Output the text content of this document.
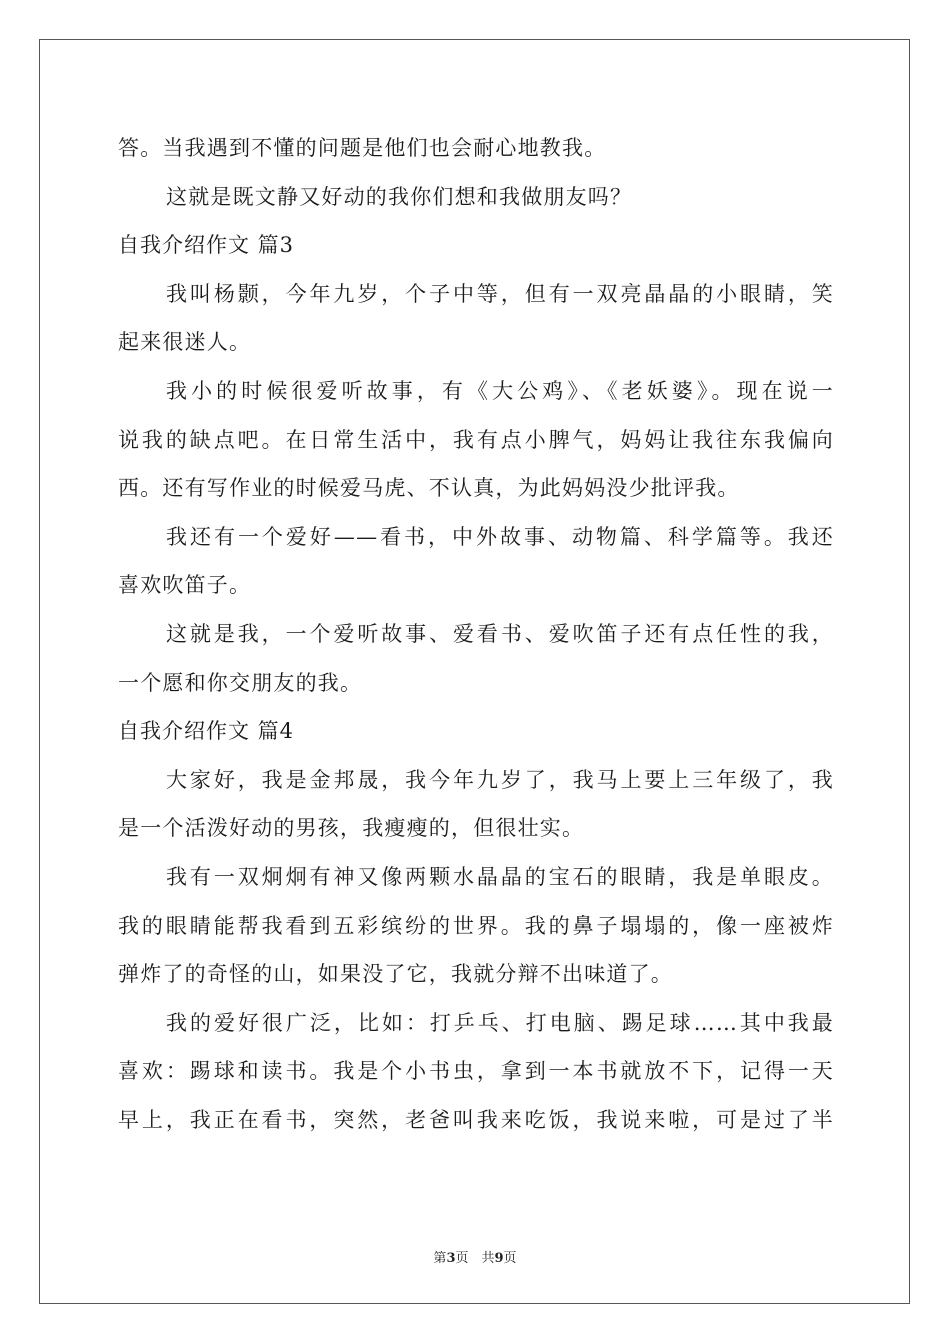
答。当我遇到不懂的问题是他们也会耐心地教我。
这就是既文静又好动的我你们想和我做朋友吗？
自我介绍作文 篇3
我叫杨颢，今年九岁，个子中等，但有一双亮晶晶的小眼睛，笑
起来很迷人。
我小的时候很爱听故事，有《大公鸡》、《老妖婆》。现在说一
说我的缺点吧。在日常生活中，我有点小脾气，妈妈让我往东我偏向
西。还有写作业的时候爱马虎、不认真，为此妈妈没少批评我。
我还有一个爱好——看书，中外故事、动物篇、科学篇等。我还
喜欢吹笛子。
这就是我，一个爱听故事、爱看书、爱吹笛子还有点任性的我，
一个愿和你交朋友的我。
自我介绍作文 篇4
大家好，我是金邦晟，我今年九岁了，我马上要上三年级了，我
是一个活泼好动的男孩，我瘦瘦的，但很壮实。
我有一双炯炯有神又像两颗水晶晶的宝石的眼睛，我是单眼皮。
我的眼睛能帮我看到五彩缤纷的世界。我的鼻子塌塌的，像一座被炸
弹炸了的奇怪的山，如果没了它，我就分辩不出味道了。
我的爱好很广泛，比如：打乒乓、打电脑、踢足球……其中我最
喜欢：踢球和读书。我是个小书虫，拿到一本书就放不下，记得一天
早上，我正在看书，突然，老爸叫我来吃饭，我说来啦，可是过了半
第3页　共9页
